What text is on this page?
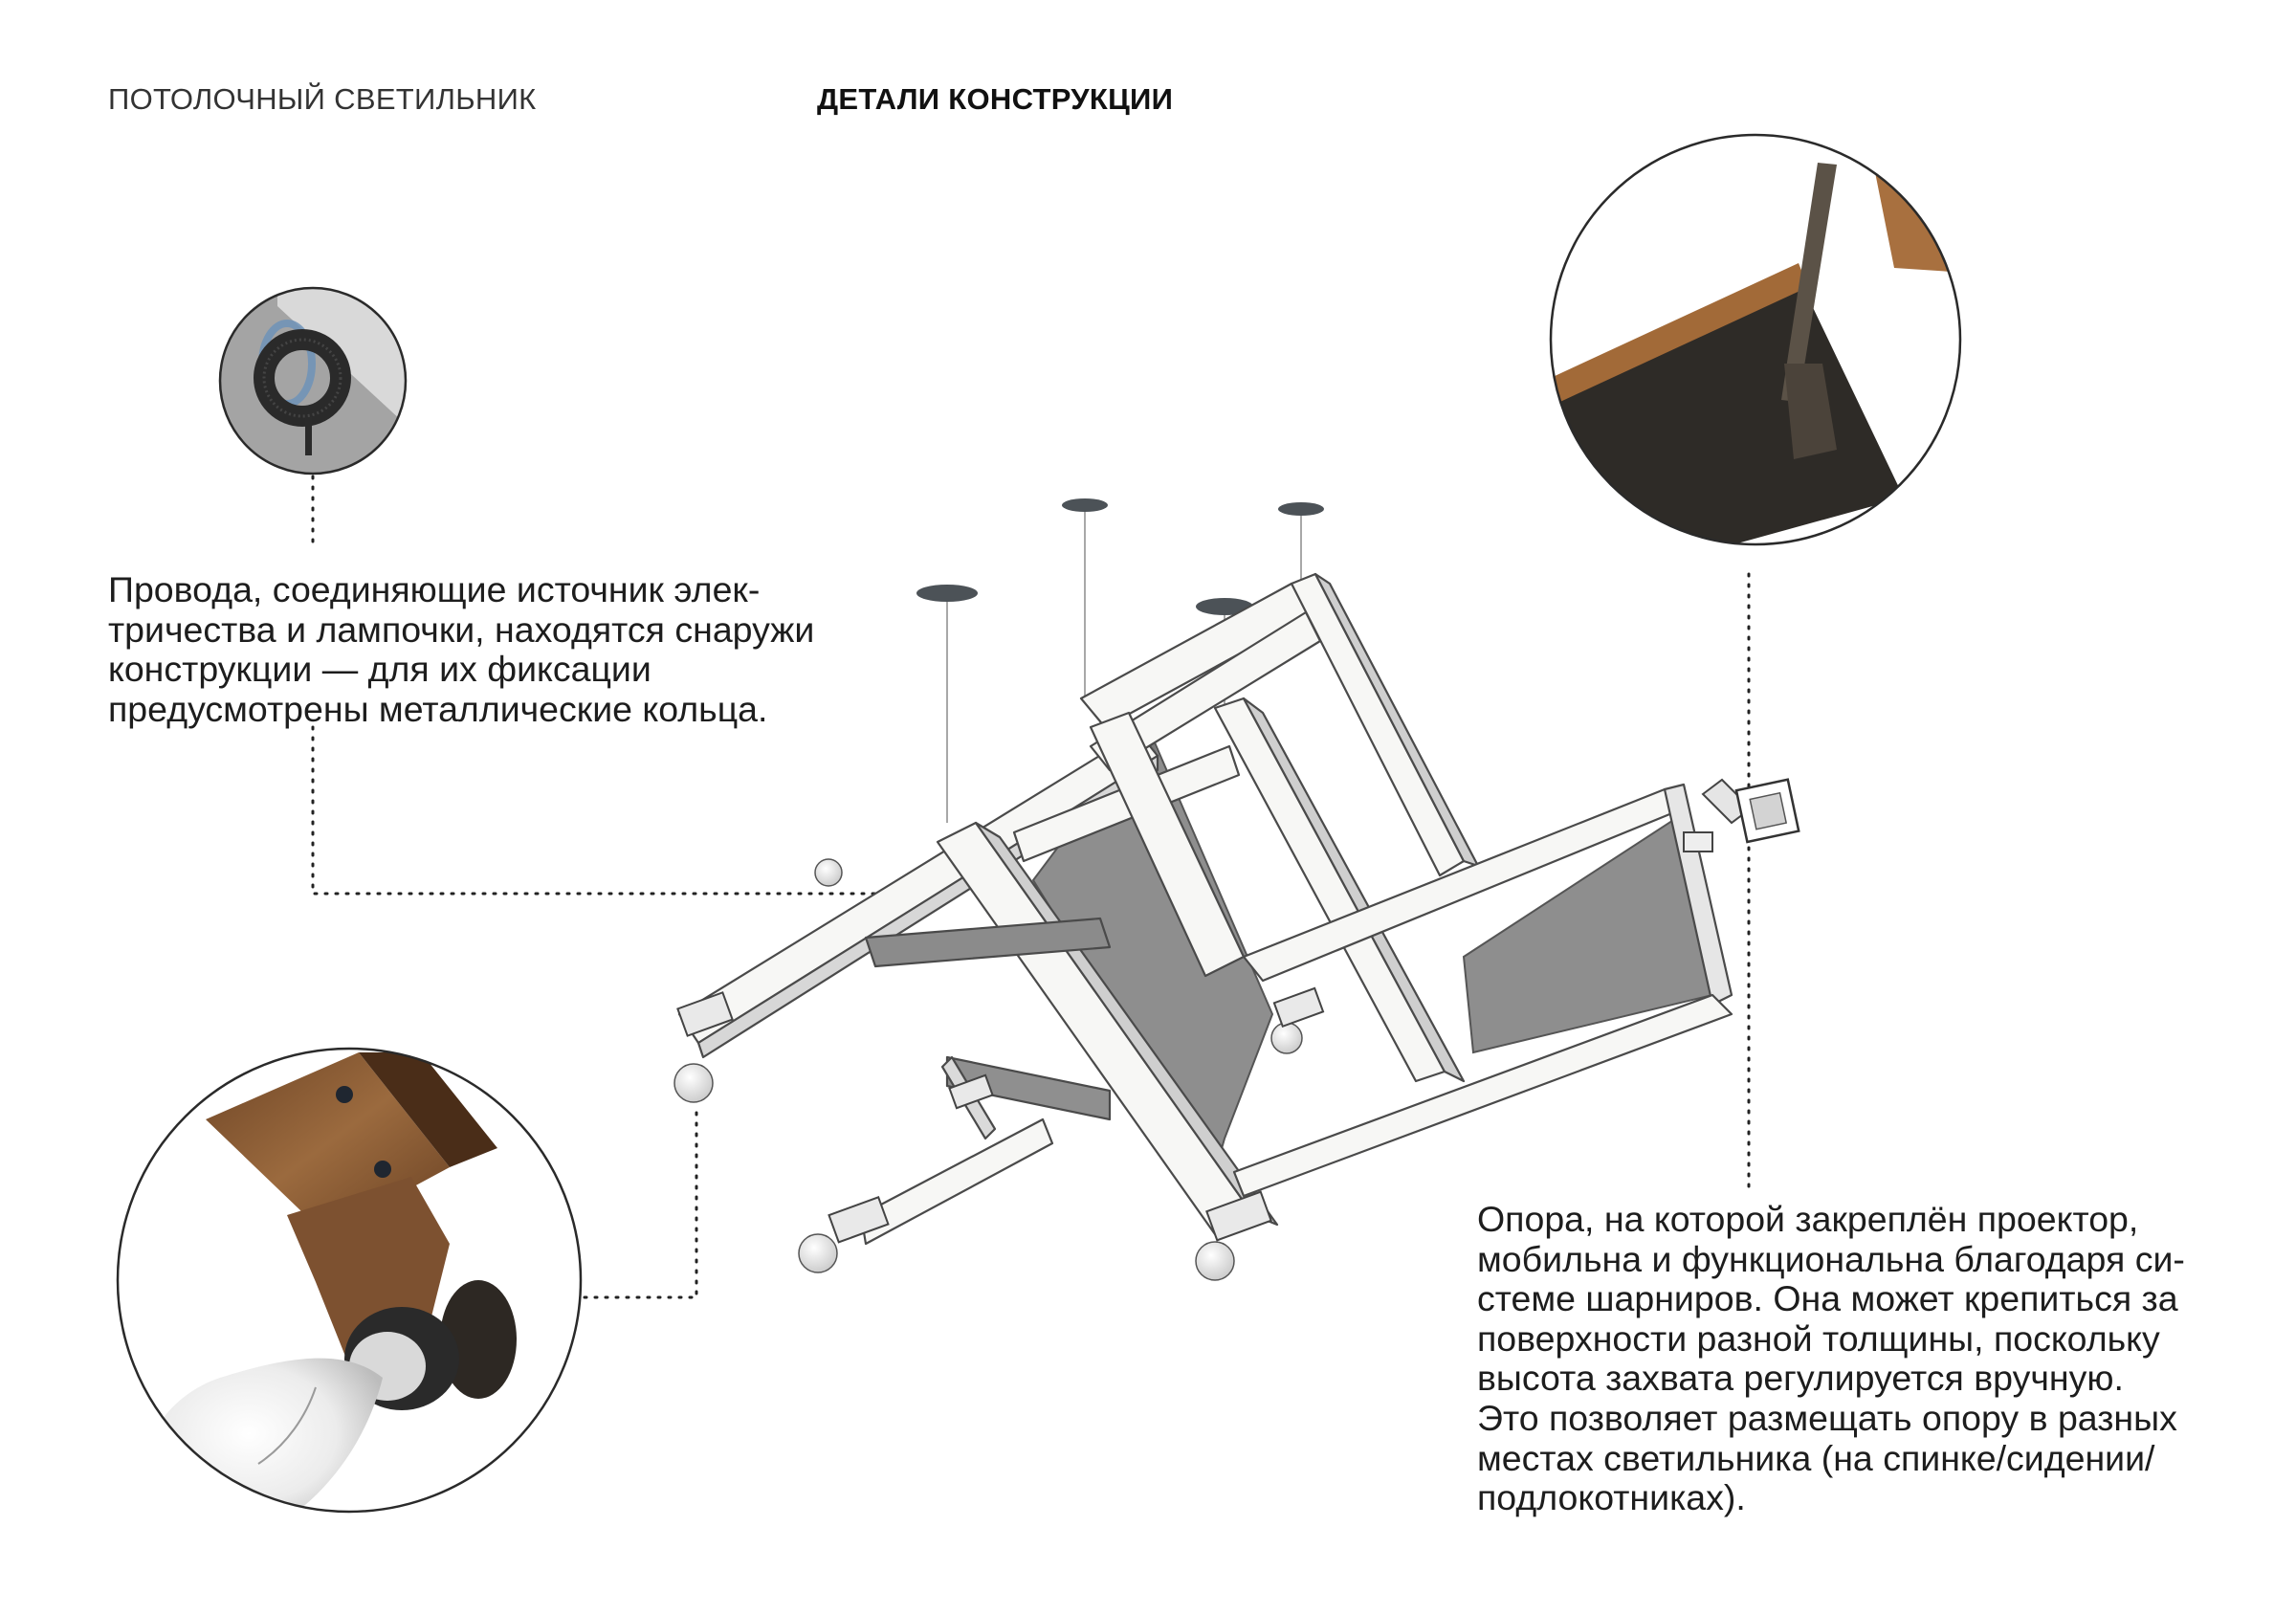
ПОТОЛОЧНЫЙ СВЕТИЛЬНИК	ДЕТАЛИ КОНСТРУКЦИИ
Провода, соединяющие источник элек-
тричества и лампочки, находятся снаружи
конструкции — для их фиксации
предусмотрены металлические кольца.
Опора, на которой закреплён проектор,
мобильна и функциональна благодаря си-
стеме шарниров. Она может крепиться за
поверхности разной толщины, поскольку
высота захвата регулируется вручную.
Это позволяет размещать опору в разных
местах светильника (на спинке/сидении/
подлокотниках).
